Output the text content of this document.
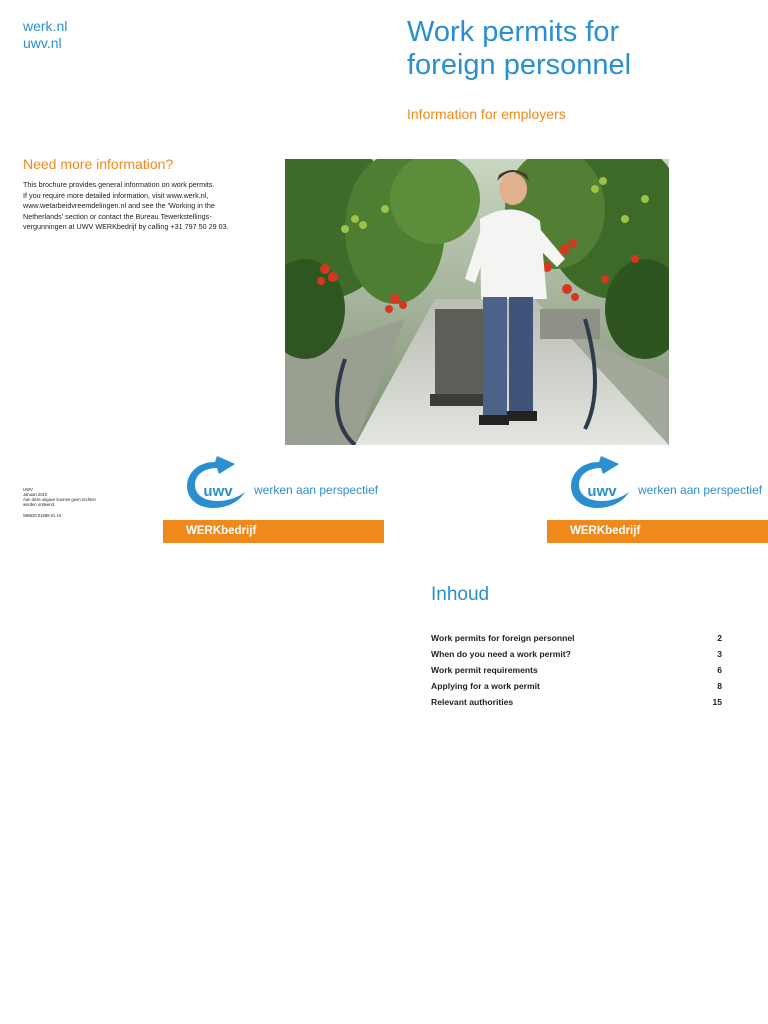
werk.nl
uwv.nl	Work permits for
foreign personnel
Information for employers
Need more information?
This brochure provides general information on work permits.
If you require more detailed information, visit www.werk.nl,
www.wetarbeidvreemdelingen.nl and see the 'Working in the
Netherlands' section or contact the Bureau Tewerkstellings-
vergunningen at UWV WERKbedrijf by calling +31 797 50 29 03.
UWV
Januari 2010
Aan deze uitgave kunnen geen rechten
worden ontleend.
WB520 01688 01 10
uwv werken aan perspectief
WERKbedrijf
uwv werken aan perspectief
WERKbedrijf
Inhoud
Work permits for foreign personnel	2
When do you need a work permit?	3
Work permit requirements	6
Applying for a work permit	8
Relevant authorities	15
